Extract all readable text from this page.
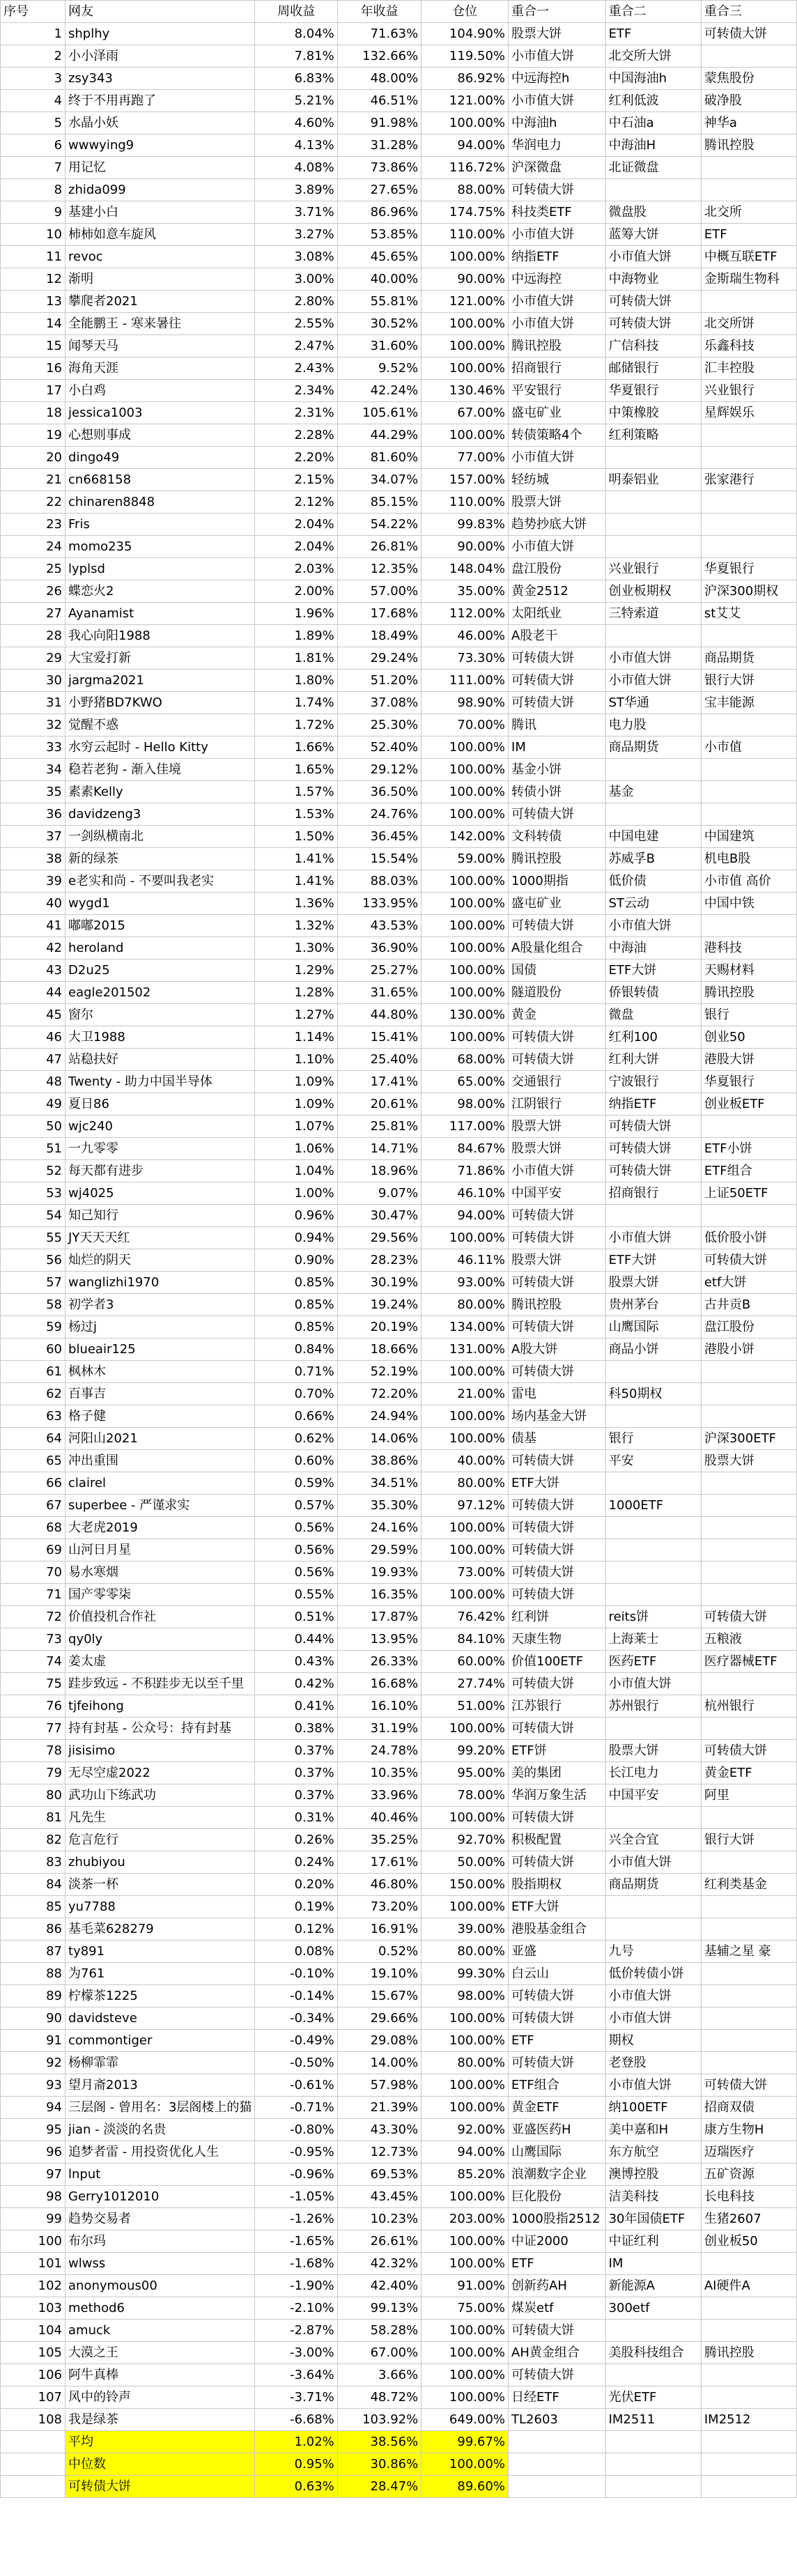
序号	网友	周收益	年收益	仓位	重合一	重合二	重合三
1	shplhy	8.04%	71.63%	104.90%	股票大饼	ETF	可转债大饼
2	小小泽雨	7.81%	132.66%	119.50%	小市值大饼	北交所大饼	
3	zsy343	6.83%	48.00%	86.92%	中远海控h	中国海油h	蒙焦股份
4	终于不用再跑了	5.21%	46.51%	121.00%	小市值大饼	红利低波	破净股
5	水晶小妖	4.60%	91.98%	100.00%	中海油h	中石油a	神华a
6	wwwying9	4.13%	31.28%	94.00%	华润电力	中海油H	腾讯控股
7	用记忆	4.08%	73.86%	116.72%	沪深微盘	北证微盘	
8	zhida099	3.89%	27.65%	88.00%	可转债大饼		
9	基建小白	3.71%	86.96%	174.75%	科技类ETF	微盘股	北交所
10	柿柿如意车旋风	3.27%	53.85%	110.00%	小市值大饼	蓝筹大饼	ETF
11	revoc	3.08%	45.65%	100.00%	纳指ETF	小市值大饼	中概互联ETF
12	渐明	3.00%	40.00%	90.00%	中远海控	中海物业	金斯瑞生物科
13	攀爬者2021	2.80%	55.81%	121.00%	小市值大饼	可转债大饼	
14	全能鹏王 - 寒来暑往	2.55%	30.52%	100.00%	小市值大饼	可转债大饼	北交所饼
15	闻琴天马	2.47%	31.60%	100.00%	腾讯控股	广信科技	乐鑫科技
16	海角天涯	2.43%	9.52%	100.00%	招商银行	邮储银行	汇丰控股
17	小白鸡	2.34%	42.24%	130.46%	平安银行	华夏银行	兴业银行
18	jessica1003	2.31%	105.61%	67.00%	盛屯矿业	中策橡胶	星辉娱乐
19	心想则事成	2.28%	44.29%	100.00%	转债策略4个	红利策略	
20	dingo49	2.20%	81.60%	77.00%	小市值大饼		
21	cn668158	2.15%	34.07%	157.00%	轻纺城	明泰铝业	张家港行
22	chinaren8848	2.12%	85.15%	110.00%	股票大饼		
23	Fris	2.04%	54.22%	99.83%	趋势抄底大饼		
24	momo235	2.04%	26.81%	90.00%	小市值大饼		
25	lyplsd	2.03%	12.35%	148.04%	盘江股份	兴业银行	华夏银行
26	蝶恋火2	2.00%	57.00%	35.00%	黄金2512	创业板期权	沪深300期权
27	Ayanamist	1.96%	17.68%	112.00%	太阳纸业	三特索道	st艾艾
28	我心向阳1988	1.89%	18.49%	46.00%	A股老干		
29	大宝爱打新	1.81%	29.24%	73.30%	可转债大饼	小市值大饼	商品期货
30	jargma2021	1.80%	51.20%	111.00%	可转债大饼	小市值大饼	银行大饼
31	小野猪BD7KWO	1.74%	37.08%	98.90%	可转债大饼	ST华通	宝丰能源
32	觉醒不惑	1.72%	25.30%	70.00%	腾讯	电力股	
33	水穷云起时 - Hello Kitty	1.66%	52.40%	100.00%	IM	商品期货	小市值
34	稳若老狗 - 渐入佳境	1.65%	29.12%	100.00%	基金小饼		
35	素素Kelly	1.57%	36.50%	100.00%	转债小饼	基金	
36	davidzeng3	1.53%	24.76%	100.00%	可转债大饼		
37	一剑纵横南北	1.50%	36.45%	142.00%	文科转债	中国电建	中国建筑
38	新的绿茶	1.41%	15.54%	59.00%	腾讯控股	苏威孚B	机电B股
39	e老实和尚 - 不要叫我老实	1.41%	88.03%	100.00%	1000期指	低价债	小市值 高价
40	wygd1	1.36%	133.95%	100.00%	盛屯矿业	ST云动	中国中铁
41	嘟嘟2015	1.32%	43.53%	100.00%	可转债大饼	小市值大饼	
42	heroland	1.30%	36.90%	100.00%	A股量化组合	中海油	港科技
43	D2u25	1.29%	25.27%	100.00%	国债	ETF大饼	天赐材料
44	eagle201502	1.28%	31.65%	100.00%	隧道股份	侨银转债	腾讯控股
45	窗尔	1.27%	44.80%	130.00%	黄金	微盘	银行
46	大卫1988	1.14%	15.41%	100.00%	可转债大饼	红利100	创业50
47	站稳扶好	1.10%	25.40%	68.00%	可转债大饼	红利大饼	港股大饼
48	Twenty - 助力中国半导体	1.09%	17.41%	65.00%	交通银行	宁波银行	华夏银行
49	夏日86	1.09%	20.61%	98.00%	江阴银行	纳指ETF	创业板ETF
50	wjc240	1.07%	25.81%	117.00%	股票大饼	可转债大饼	
51	一九零零	1.06%	14.71%	84.67%	股票大饼	可转债大饼	ETF小饼
52	每天都有进步	1.04%	18.96%	71.86%	小市值大饼	可转债大饼	ETF组合
53	wj4025	1.00%	9.07%	46.10%	中国平安	招商银行	上证50ETF
54	知己知行	0.96%	30.47%	94.00%	可转债大饼		
55	JY天天天红	0.94%	29.56%	100.00%	可转债大饼	小市值大饼	低价股小饼
56	灿烂的阴天	0.90%	28.23%	46.11%	股票大饼	ETF大饼	可转债大饼
57	wanglizhi1970	0.85%	30.19%	93.00%	可转债大饼	股票大饼	etf大饼
58	初学者3	0.85%	19.24%	80.00%	腾讯控股	贵州茅台	古井贡B
59	杨过j	0.85%	20.19%	134.00%	可转债大饼	山鹰国际	盘江股份
60	blueair125	0.84%	18.66%	131.00%	A股大饼	商品小饼	港股小饼
61	枫林木	0.71%	52.19%	100.00%	可转债大饼		
62	百事吉	0.70%	72.20%	21.00%	雷电	科50期权	
63	格子健	0.66%	24.94%	100.00%	场内基金大饼		
64	河阳山2021	0.62%	14.06%	100.00%	债基	银行	沪深300ETF
65	冲出重围	0.60%	38.86%	40.00%	可转债大饼	平安	股票大饼
66	clairel	0.59%	34.51%	80.00%	ETF大饼		
67	superbee - 严谨求实	0.57%	35.30%	97.12%	可转债大饼	1000ETF	
68	大老虎2019	0.56%	24.16%	100.00%	可转债大饼		
69	山河日月星	0.56%	29.59%	100.00%	可转债大饼		
70	易水寒烟	0.56%	19.93%	73.00%	可转债大饼		
71	国产零零柒	0.55%	16.35%	100.00%	可转债大饼		
72	价值投机合作社	0.51%	17.87%	76.42%	红利饼	reits饼	可转债大饼
73	qy0ly	0.44%	13.95%	84.10%	天康生物	上海莱士	五粮液
74	姜太虚	0.43%	26.33%	60.00%	价值100ETF	医药ETF	医疗器械ETF
75	跬步致远 - 不积跬步无以至千里	0.42%	16.68%	27.74%	可转债大饼	小市值大饼	
76	tjfeihong	0.41%	16.10%	51.00%	江苏银行	苏州银行	杭州银行
77	持有封基 - 公众号：持有封基	0.38%	31.19%	100.00%	可转债大饼		
78	jisisimo	0.37%	24.78%	99.20%	ETF饼	股票大饼	可转债大饼
79	无尽空虚2022	0.37%	10.35%	95.00%	美的集团	长江电力	黄金ETF
80	武功山下练武功	0.37%	33.96%	78.00%	华润万象生活	中国平安	阿里
81	凡先生	0.31%	40.46%	100.00%	可转债大饼		
82	危言危行	0.26%	35.25%	92.70%	积极配置	兴全合宜	银行大饼
83	zhubiyou	0.24%	17.61%	50.00%	可转债大饼	小市值大饼	
84	淡茶一杯	0.20%	46.80%	150.00%	股指期权	商品期货	红利类基金
85	yu7788	0.19%	73.20%	100.00%	ETF大饼		
86	基毛菜628279	0.12%	16.91%	39.00%	港股基金组合		
87	ty891	0.08%	0.52%	80.00%	亚盛	九号	基辅之星 豪
88	为761	-0.10%	19.10%	99.30%	白云山	低价转债小饼	
89	柠檬茶1225	-0.14%	15.67%	98.00%	可转债大饼	小市值大饼	
90	davidsteve	-0.34%	29.66%	100.00%	可转债大饼	小市值大饼	
91	commontiger	-0.49%	29.08%	100.00%	ETF	期权	
92	杨柳霏霏	-0.50%	14.00%	80.00%	可转债大饼	老登股	
93	望月斋2013	-0.61%	57.98%	100.00%	ETF组合	小市值大饼	可转债大饼
94	三层阁 - 曾用名：3层阁楼上的猫	-0.71%	21.39%	100.00%	黄金ETF	纳100ETF	招商双债
95	jian - 淡淡的名贵	-0.80%	43.30%	92.00%	亚盛医药H	美中嘉和H	康方生物H
96	追梦者雷 - 用投资优化人生	-0.95%	12.73%	94.00%	山鹰国际	东方航空	迈瑞医疗
97	lnput	-0.96%	69.53%	85.20%	浪潮数字企业	澳博控股	五矿资源
98	Gerry1012010	-1.05%	43.45%	100.00%	巨化股份	洁美科技	长电科技
99	趋势交易者	-1.26%	10.23%	203.00%	1000股指2512	30年国债ETF	生猪2607
100	布尔玛	-1.65%	26.61%	100.00%	中证2000	中证红利	创业板50
101	wlwss	-1.68%	42.32%	100.00%	ETF	IM	
102	anonymous00	-1.90%	42.40%	91.00%	创新药AH	新能源A	AI硬件A
103	method6	-2.10%	99.13%	75.00%	煤炭etf	300etf	
104	amuck	-2.87%	58.28%	100.00%	可转债大饼		
105	大漠之王	-3.00%	67.00%	100.00%	AH黄金组合	美股科技组合	腾讯控股
106	阿牛真棒	-3.64%	3.66%	100.00%	可转债大饼		
107	风中的铃声	-3.71%	48.72%	100.00%	日经ETF	光伏ETF	
108	我是绿茶	-6.68%	103.92%	649.00%	TL2603	IM2511	IM2512
	平均	1.02%	38.56%	99.67%			
	中位数	0.95%	30.86%	100.00%			
	可转债大饼	0.63%	28.47%	89.60%			
